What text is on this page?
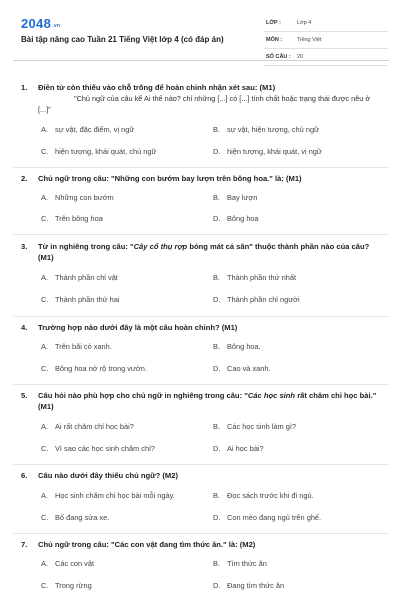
2048.vn
Bài tập nâng cao Tuần 21 Tiếng Việt lớp 4 (có đáp án)
LỚP :	Lớp 4
MÔN :	Tiếng Việt
SỐ CÂU : 20
1. Điền từ còn thiếu vào chỗ trống để hoàn chỉnh nhận xét sau: (M1)
"Chủ ngữ của câu kể Ai thế nào? chỉ những [...] có [...] tính chất hoặc trạng thái được nêu ở
[...]"
A. sự vật, đặc điểm, vị ngữ	B. sự vật, hiện tượng, chủ ngữ
C. hiện tượng, khái quát, chủ ngữ	D. hiện tượng, khái quát, vị ngữ
2. Chủ ngữ trong câu: "Những con bướm bay lượn trên bông hoa." là: (M1)
A. Những con bướm	B. Bay lượn
C. Trên bông hoa	D. Bông hoa
3. Từ in nghiêng trong câu: "Cây cổ thụ rợp bóng mát cả sân" thuộc thành phần nào của câu?
(M1)
A. Thành phần chỉ vật	B. Thành phần thứ nhất
C. Thành phần thứ hai	D. Thành phần chỉ người
4. Trường hợp nào dưới đây là một câu hoàn chỉnh? (M1)
A. Trên bãi cỏ xanh.	B. Bông hoa.
C. Bông hoa nở rộ trong vườn.	D. Cao và xanh.
5. Câu hỏi nào phù hợp cho chủ ngữ in nghiêng trong câu: "Các học sinh rất chăm chỉ học bài."
(M1)
A. Ai rất chăm chỉ học bài?	B. Các học sinh làm gì?
C. Vì sao các học sinh chăm chỉ?	D. Ai học bài?
6. Câu nào dưới đây thiếu chủ ngữ? (M2)
A. Học sinh chăm chỉ học bài mỗi ngày.	B. Đọc sách trước khi đi ngủ.
C. Bố đang sửa xe.	D. Con mèo đang ngủ trên ghế.
7. Chủ ngữ trong câu: "Các con vật đang tìm thức ăn." là: (M2)
A. Các con vật	B. Tìm thức ăn
C. Trong rừng	D. Đang tìm thức ăn
